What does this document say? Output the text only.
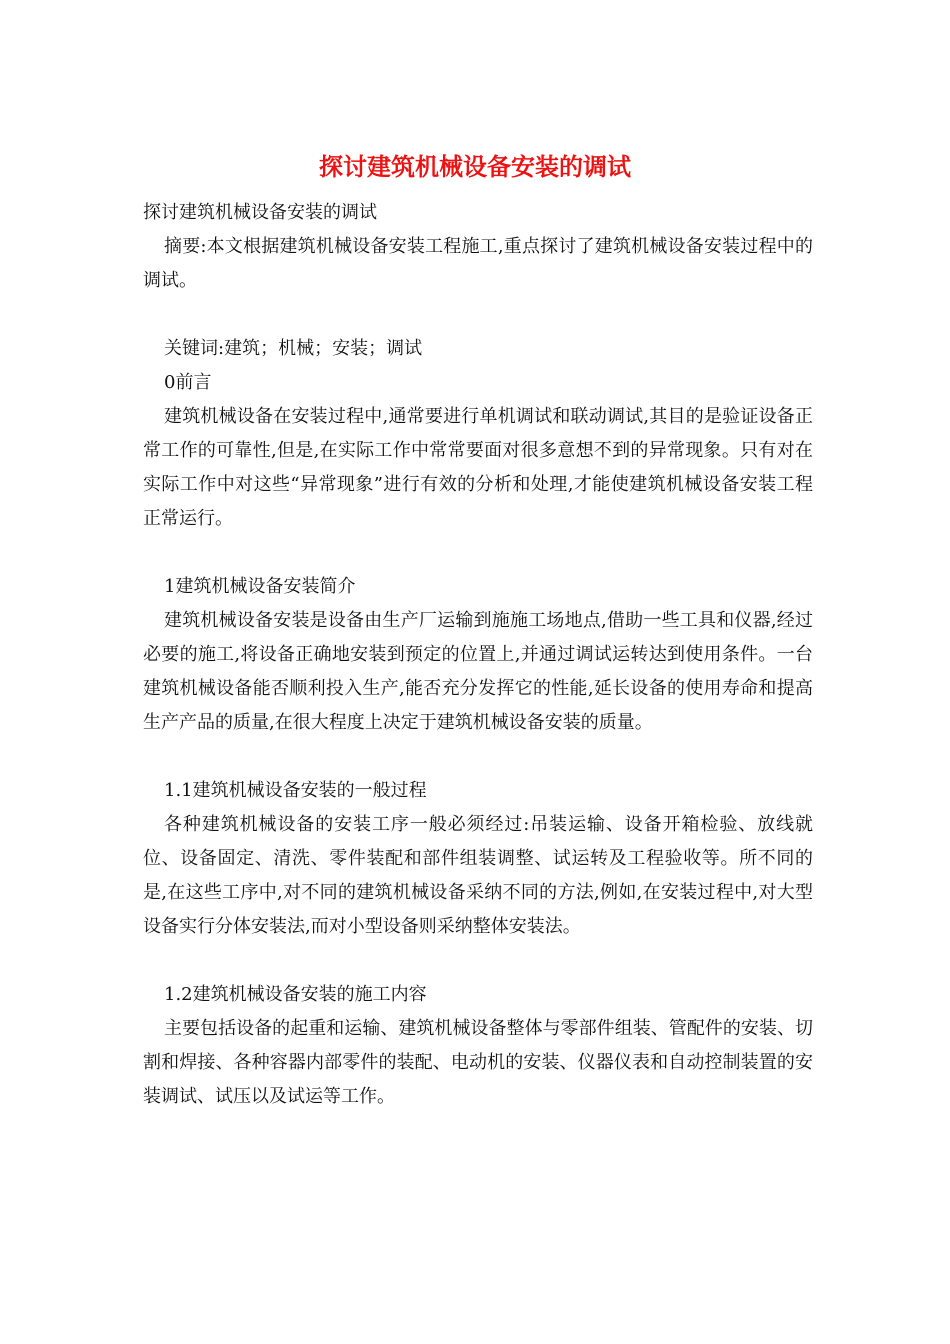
探讨建筑机械设备安装的调试

探讨建筑机械设备安装的调试

摘要:本文根据建筑机械设备安装工程施工,重点探讨了建筑机械设备安装过程中的调试。

关键词:建筑；机械；安装；调试

0前言

建筑机械设备在安装过程中,通常要进行单机调试和联动调试,其目的是验证设备正常工作的可靠性,但是,在实际工作中常常要面对很多意想不到的异常现象。只有对在实际工作中对这些“异常现象”进行有效的分析和处理,才能使建筑机械设备安装工程正常运行。

1建筑机械设备安装简介

建筑机械设备安装是设备由生产厂运输到施施工场地点,借助一些工具和仪器,经过必要的施工,将设备正确地安装到预定的位置上,并通过调试运转达到使用条件。一台建筑机械设备能否顺利投入生产,能否充分发挥它的性能,延长设备的使用寿命和提高生产产品的质量,在很大程度上决定于建筑机械设备安装的质量。

1.1建筑机械设备安装的一般过程

各种建筑机械设备的安装工序一般必须经过:吊装运输、设备开箱检验、放线就位、设备固定、清洗、零件装配和部件组装调整、试运转及工程验收等。所不同的是,在这些工序中,对不同的建筑机械设备采纳不同的方法,例如,在安装过程中,对大型设备实行分体安装法,而对小型设备则采纳整体安装法。

1.2建筑机械设备安装的施工内容

主要包括设备的起重和运输、建筑机械设备整体与零部件组装、管配件的安装、切割和焊接、各种容器内部零件的装配、电动机的安装、仪器仪表和自动控制装置的安装调试、试压以及试运等工作。
